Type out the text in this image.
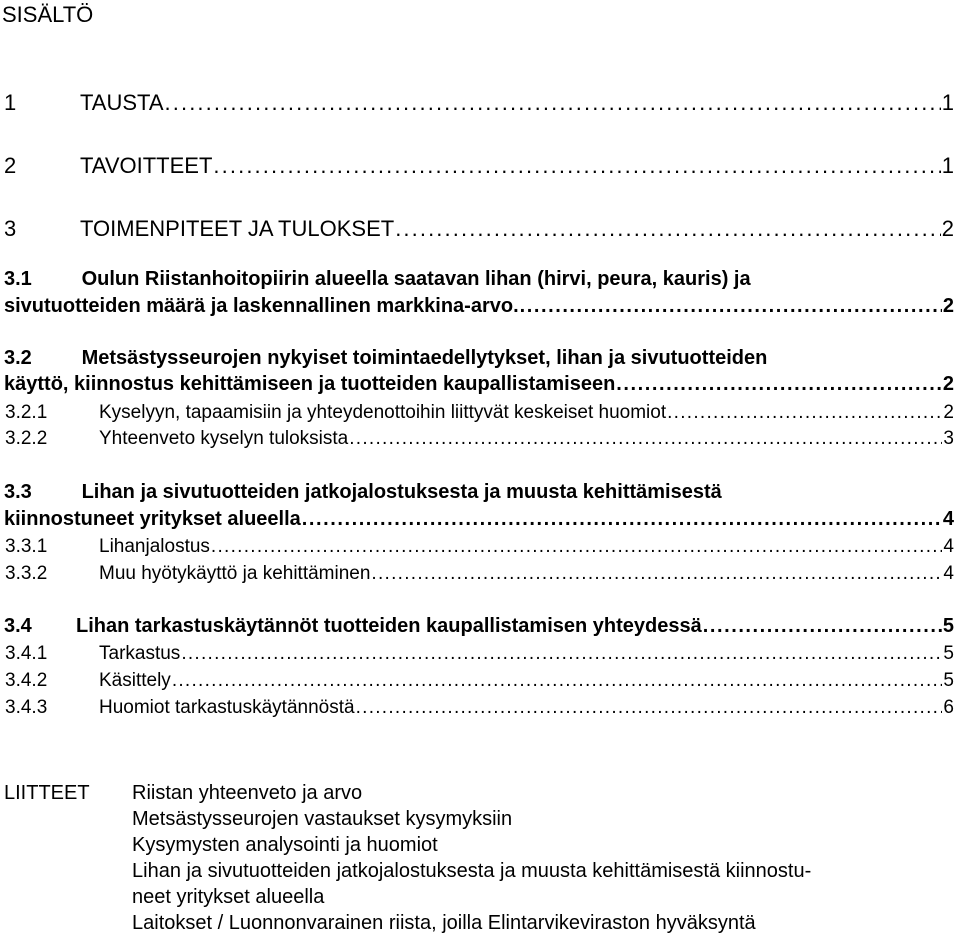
SISÄLTÖ
1	TAUSTA . . .	1
2	TAVOITTEET . . .	1
3	TOIMENPITEET JA TULOKSET . . .	2
3.1 Oulun Riistanhoitopiirin alueella saatavan lihan (hirvi, peura, kauris) ja
sivutuotteiden määrä ja laskennallinen markkina-arvo. . . .	2
3.2 Metsästysseurojen nykyiset toimintaedellytykset, lihan ja sivutuotteiden
käyttö, kiinnostus kehittämiseen ja tuotteiden kaupallistamiseen . . .	2
3.2.1	Kyselyyn, tapaamisiin ja yhteydenottoihin liittyvät keskeiset huomiot . . .	2
3.2.2	Yhteenveto kyselyn tuloksista . . .	3
3.3 Lihan ja sivutuotteiden jatkojalostuksesta ja muusta kehittämisestä
kiinnostuneet yritykset alueella . . .	4
3.3.1	Lihanjalostus . . .	4
3.3.2	Muu hyötykäyttö ja kehittäminen . . .	4
3.4	Lihan tarkastuskäytännöt tuotteiden kaupallistamisen yhteydessä . . .	5
3.4.1	Tarkastus . . .	5
3.4.2	Käsittely . . .	5
3.4.3	Huomiot tarkastuskäytännöstä . . .	6
LIITTEET Riistan yhteenveto ja arvo
Metsästysseurojen vastaukset kysymyksiin
Kysymysten analysointi ja huomiot
Lihan ja sivutuotteiden jatkojalostuksesta ja muusta kehittämisestä kiinnostu-
neet yritykset alueella
Laitokset / Luonnonvarainen riista, joilla Elintarvikeviraston hyväksyntä
